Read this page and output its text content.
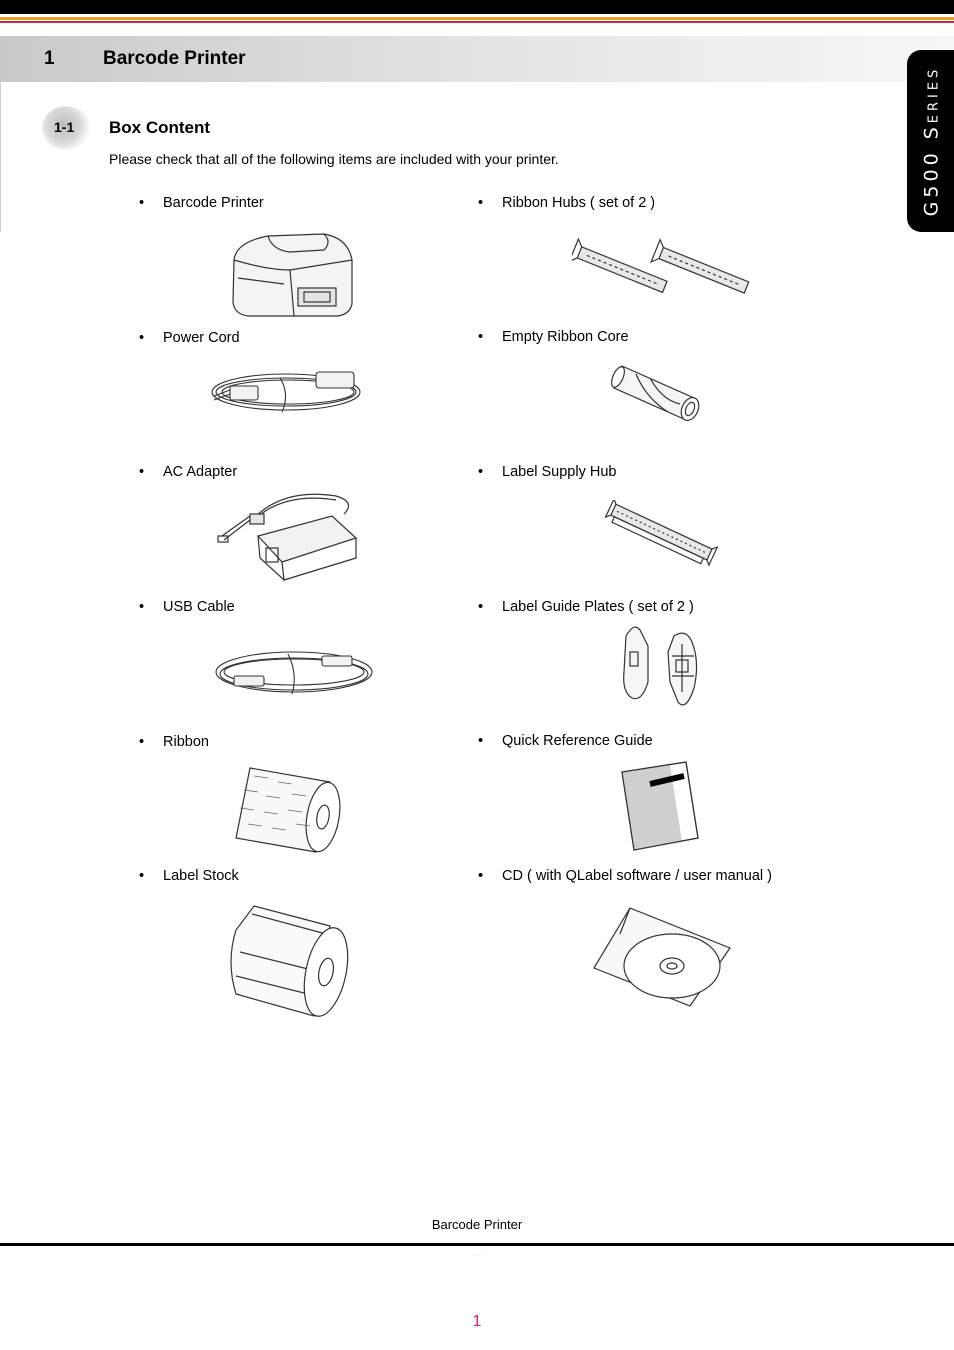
1	Barcode Printer
G500 Series
1-1 Box Content
Please check that all of the following items are included with your printer.
• Barcode Printer	• Ribbon Hubs ( set of 2 )
• Power Cord	• Empty Ribbon Core
• AC Adapter	• Label Supply Hub
• USB Cable	• Label Guide Plates ( set of 2 )
• Ribbon	• Quick Reference Guide
• Label Stock	• CD ( with QLabel software / user manual )
Barcode Printer
· · ·
1
